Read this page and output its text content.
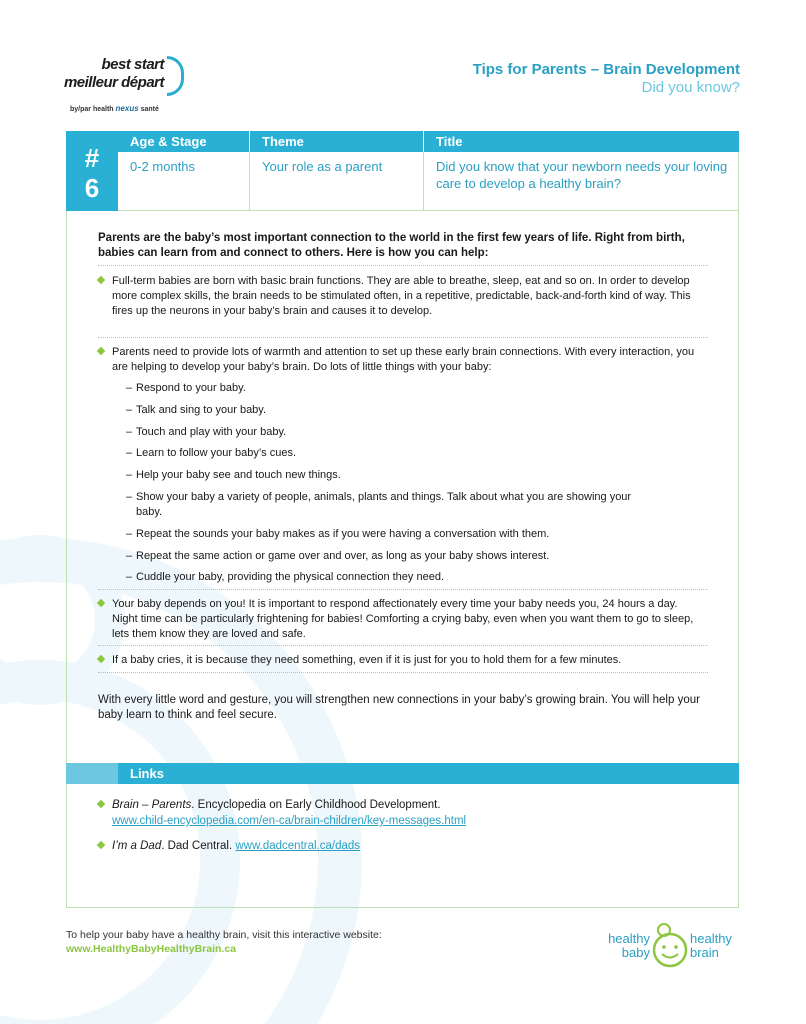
best start
meilleur départ
by/par health nexus santé
Tips for Parents – Brain Development
Did you know?
#
6
Age & Stage	Theme	Title
0-2 months	Your role as a parent	Did you know that your newborn needs your loving care to develop a healthy brain?
Parents are the baby’s most important connection to the world in the first few years of life. Right from birth, babies can learn from and connect to others. Here is how you can help:
Full-term babies are born with basic brain functions. They are able to breathe, sleep, eat and so on. In order to develop more complex skills, the brain needs to be stimulated often, in a repetitive, predictable, back-and-forth kind of way. This fires up the neurons in your baby’s brain and causes it to develop.
Parents need to provide lots of warmth and attention to set up these early brain connections. With every interaction, you are helping to develop your baby’s brain. Do lots of little things with your baby:
– Respond to your baby.
– Talk and sing to your baby.
– Touch and play with your baby.
– Learn to follow your baby’s cues.
– Help your baby see and touch new things.
– Show your baby a variety of people, animals, plants and things. Talk about what you are showing your baby.
– Repeat the sounds your baby makes as if you were having a conversation with them.
– Repeat the same action or game over and over, as long as your baby shows interest.
– Cuddle your baby, providing the physical connection they need.
Your baby depends on you! It is important to respond affectionately every time your baby needs you, 24 hours a day. Night time can be particularly frightening for babies! Comforting a crying baby, even when you want them to go to sleep, lets them know they are loved and safe.
If a baby cries, it is because they need something, even if it is just for you to hold them for a few minutes.
With every little word and gesture, you will strengthen new connections in your baby’s growing brain. You will help your baby learn to think and feel secure.
Links
Brain – Parents. Encyclopedia on Early Childhood Development.
www.child-encyclopedia.com/en-ca/brain-children/key-messages.html
I’m a Dad. Dad Central. www.dadcentral.ca/dads
To help your baby have a healthy brain, visit this interactive website:
www.HealthyBabyHealthyBrain.ca
healthy
baby
healthy
brain
